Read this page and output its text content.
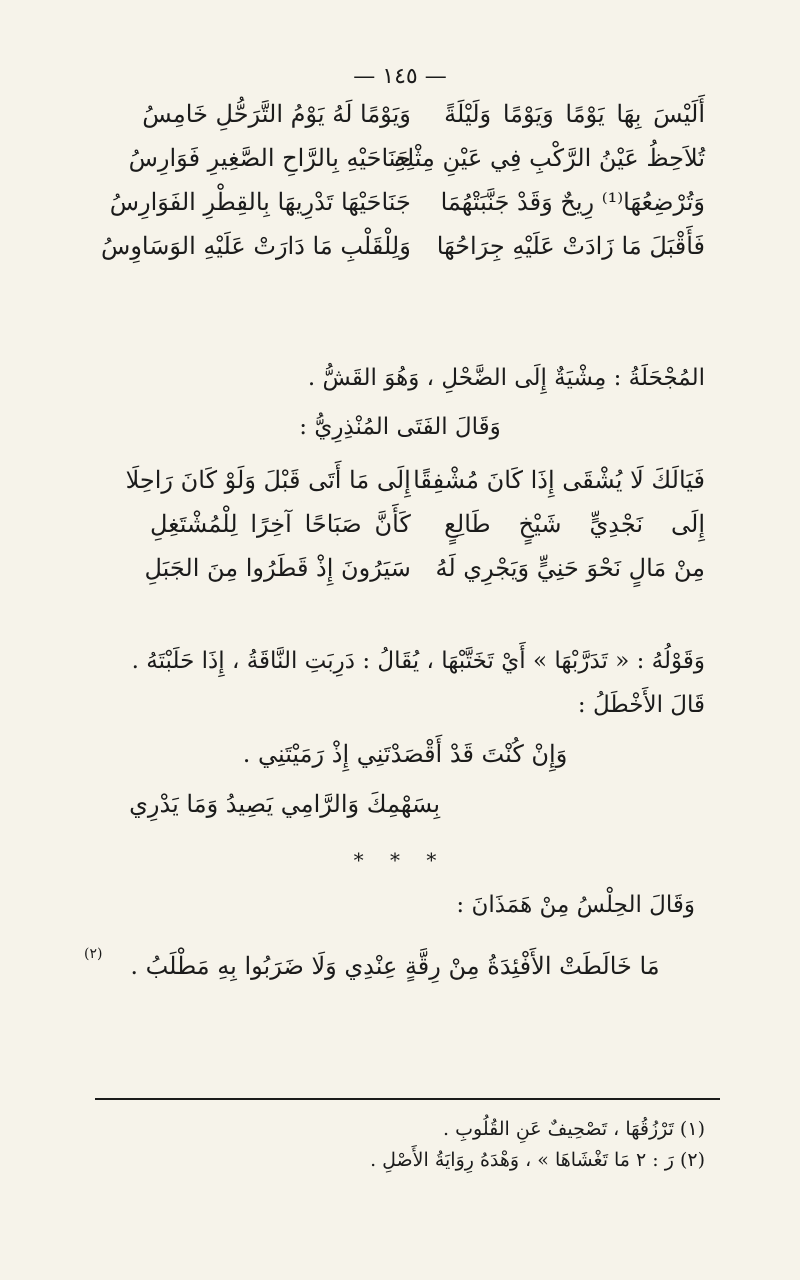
— ١٤٥ —
أَلَيْسَ بِهَا يَوْمًا وَيَوْمًا وَلَيْلَةً
وَيَوْمًا لَهُ يَوْمُ التَّرَحُّلِ خَامِسُ
تُلاَحِظُ عَيْنُ الرَّكْبِ فِي عَيْنِ مِثْلِهِ
جَنَاحَيْهِ بِالرَّاحِ الصَّغِيرِ فَوَارِسُ
وَتُرْضِعُهَا⁽¹⁾ رِيحٌ وَقَدْ جَنَّبَتْهُمَا
جَنَاحَيْهَا تَدْرِيهَا بِالقِطْرِ الفَوَارِسُ
فَأَقْبَلَ مَا زَادَتْ عَلَيْهِ جِرَاحُهَا
وَلِلْقَلْبِ مَا دَارَتْ عَلَيْهِ الوَسَاوِسُ
المُجْحَلَةُ : مِشْيَةٌ إِلَى الضَّحْلِ ، وَهُوَ القَشُّ .
وَقَالَ الفَتَى المُنْذِرِيُّ :
فَيَالَكَ لَا يُشْقَى إِذَا كَانَ مُشْفِقًا
إِلَى مَا أَتَى قَبْلَ وَلَوْ كَانَ رَاحِلَا
إِلَى نَجْدِيٍّ شَيْخٍ طَالِعٍ
كَأَنَّ صَبَاحًا آخِرًا لِلْمُشْتَغِلِ
مِنْ مَالٍ نَحْوَ حَنِيٍّ وَيَجْرِي لَهُ
سَيَرُونَ إِذْ قَطَرُوا مِنَ الجَبَلِ
وَقَوْلُهُ : « تَدَرَّبْهَا » أَيْ تَخَتَّبْهَا ، يُقَالُ : دَرِبَتِ النَّاقَةُ ، إِذَا حَلَبْتَهُ .
قَالَ الأَخْطَلُ :
وَإِنْ كُنْتَ قَدْ أَقْصَدْتَنِي إِذْ رَمَيْتَنِي .
بِسَهْمِكَ وَالرَّامِي يَصِيدُ وَمَا يَدْرِي
* * *
وَقَالَ الحِلْسُ مِنْ هَمَذَانَ :
(٢)	مَا خَالَطَتْ الأَفْئِدَةُ مِنْ رِقَّةٍ عِنْدِي وَلَا ضَرَبُوا بِهِ مَطْلَبُ .
(١) تَرْزُقُهَا ، تَصْحِيفٌ عَنِ القُلُوبِ .
(٢) رَ : ٢ مَا تَغْشَاهَا » ، وَهْدَهُ رِوَايَةُ الأَصْلِ .
